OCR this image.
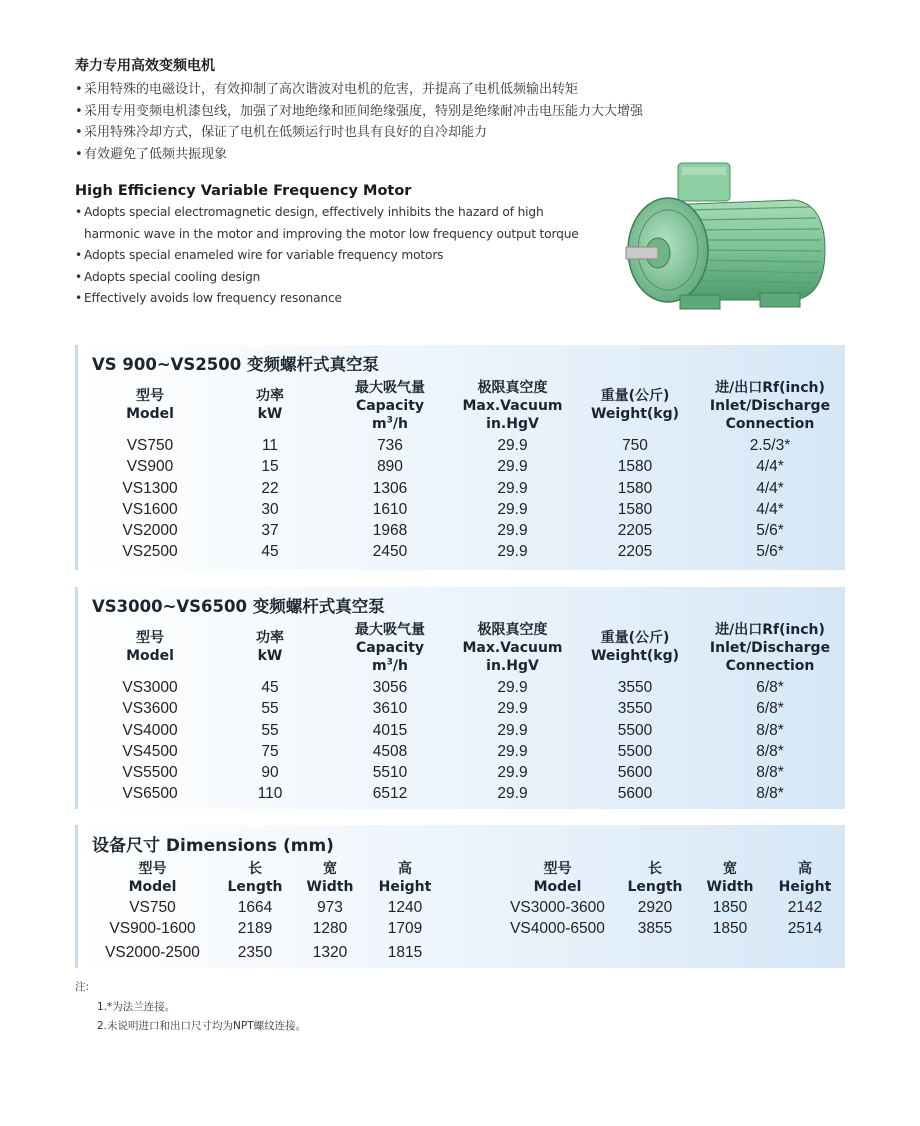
寿力专用高效变频电机
• 采用特殊的电磁设计，有效抑制了高次谐波对电机的危害，并提高了电机低频输出转矩
• 采用专用变频电机漆包线，加强了对地绝缘和匝间绝缘强度，特别是绝缘耐冲击电压能力大大增强
• 采用特殊冷却方式，保证了电机在低频运行时也具有良好的自冷却能力
• 有效避免了低频共振现象
High Efficiency Variable Frequency Motor
• Adopts special electromagnetic design, effectively inhibits the hazard of high
harmonic wave in the motor and improving the motor low frequency output torque
• Adopts special enameled wire for variable frequency motors
• Adopts special cooling design
• Effectively avoids low frequency resonance
VS 900~VS2500 变频螺杆式真空泵
型号
Model
功率
kW
最大吸气量
Capacity
$m^3/h$
极限真空度
Max.Vacuum
in.HgV
重量(公斤)
Weight(kg)
进/出口Rf(inch)
Inlet/Discharge
Connection
VS750
VS900
VS1300
VS1600
VS2000
VS2500
11
15
22
30
37
45
736
890
1306
1610
1968
2450
29.9
29.9
29.9
29.9
29.9
29.9
750
1580
1580
1580
2205
2205
2.5/3*
4/4*
4/4*
4/4*
5/6*
5/6*
VS3000~VS6500 变频螺杆式真空泵
型号
Model
功率
kW
最大吸气量
Capacity
$m^3/h$
极限真空度
Max.Vacuum
in.HgV
重量(公斤)
Weight(kg)
进/出口Rf(inch)
Inlet/Discharge
Connection
VS3000
VS3600
VS4000
VS4500
VS5500
VS6500
45
55
55
75
90
110
3056
3610
4015
4508
5510
6512
29.9
29.9
29.9
29.9
29.9
29.9
3550
3550
5500
5500
5600
5600
6/8*
6/8*
8/8*
8/8*
8/8*
8/8*
设备尺寸 Dimensions (mm)
型号
Model
长
Length
宽
Width
高
Height
VS750
VS900-1600
VS2000-2500
1664
2189
2350
973
1280
1320
1240
1709
1815
型号
Model
长
Length
宽
Width
高
Height
VS3000-3600
VS4000-6500
2920
3855
1850
1850
2142
2514
注:
1.*为法兰连接。
2.未说明进口和出口尺寸均为NPT螺纹连接。
